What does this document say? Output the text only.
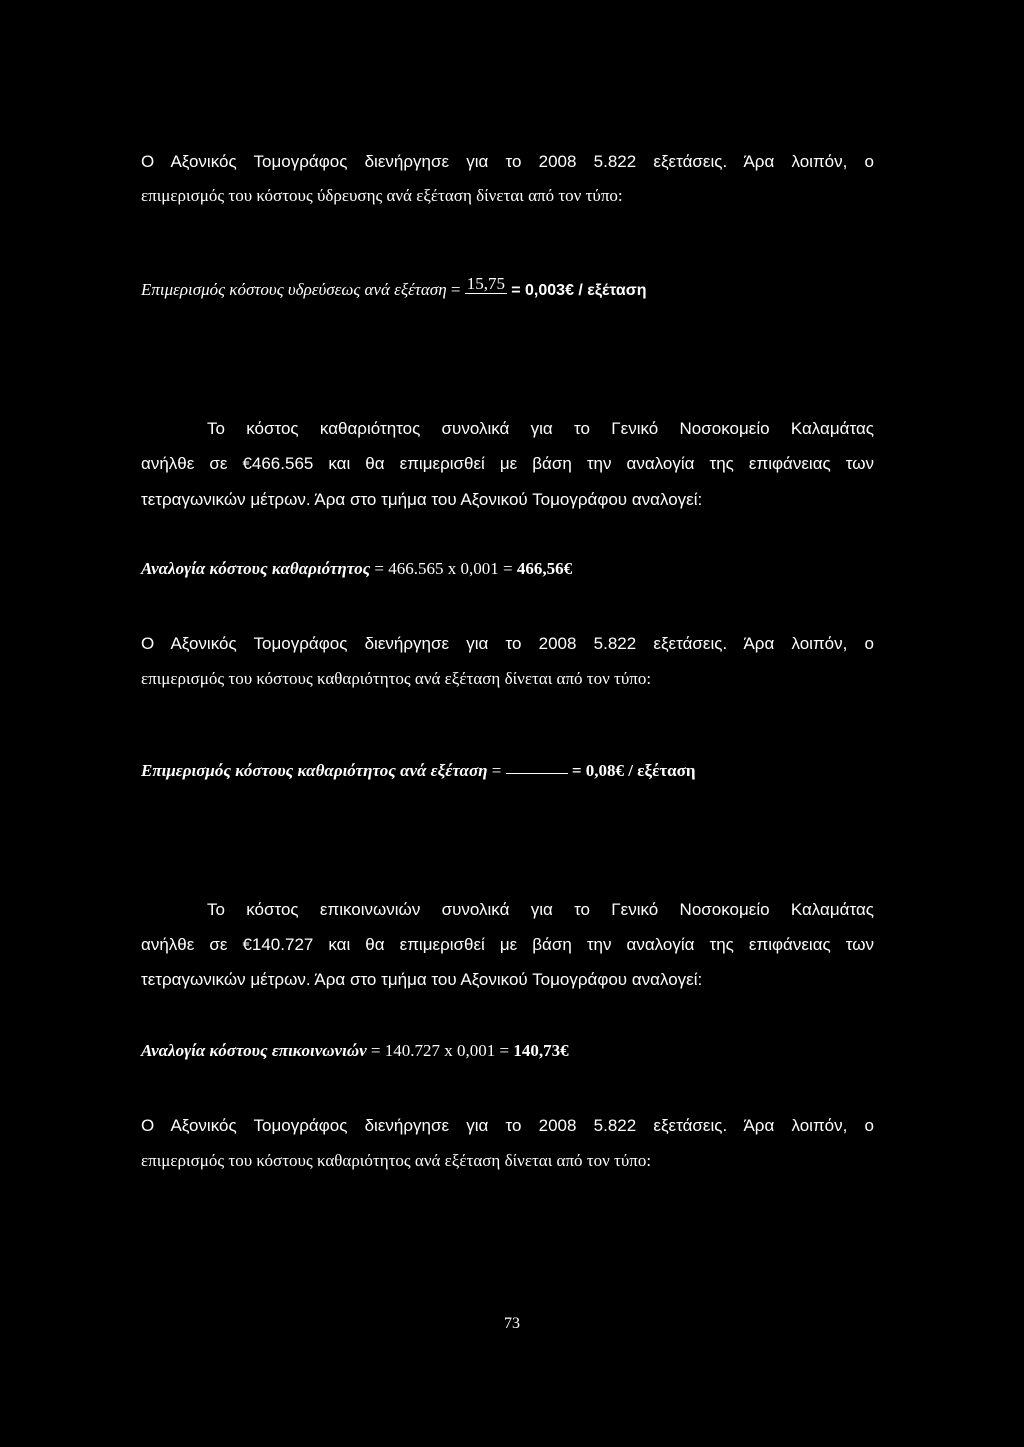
Ο Αξονικός Τομογράφος διενήργησε για το 2008 5.822 εξετάσεις. Άρα λοιπόν, ο
επιμερισμός του κόστους ύδρευσης ανά εξέταση δίνεται από τον τύπο:
Επιμερισμός κόστους υδρεύσεως ανά εξέταση = 15,75 = 0,003€ / εξέταση
Το κόστος καθαριότητος συνολικά για το Γενικό Νοσοκομείο Καλαμάτας
ανήλθε σε €466.565 και θα επιμερισθεί με βάση την αναλογία της επιφάνειας των
τετραγωνικών μέτρων. Άρα στο τμήμα του Αξονικού Τομογράφου αναλογεί:
Αναλογία κόστους καθαριότητος = 466.565 x 0,001 = 466,56€
Ο Αξονικός Τομογράφος διενήργησε για το 2008 5.822 εξετάσεις. Άρα λοιπόν, ο
επιμερισμός του κόστους καθαριότητος ανά εξέταση δίνεται από τον τύπο:
Επιμερισμός κόστους καθαριότητος ανά εξέταση =	= 0,08€ / εξέταση
Το κόστος επικοινωνιών συνολικά για το Γενικό Νοσοκομείο Καλαμάτας
ανήλθε σε €140.727 και θα επιμερισθεί με βάση την αναλογία της επιφάνειας των
τετραγωνικών μέτρων. Άρα στο τμήμα του Αξονικού Τομογράφου αναλογεί:
Αναλογία κόστους επικοινωνιών = 140.727 x 0,001 = 140,73€
Ο Αξονικός Τομογράφος διενήργησε για το 2008 5.822 εξετάσεις. Άρα λοιπόν, ο
επιμερισμός του κόστους καθαριότητος ανά εξέταση δίνεται από τον τύπο:
73
